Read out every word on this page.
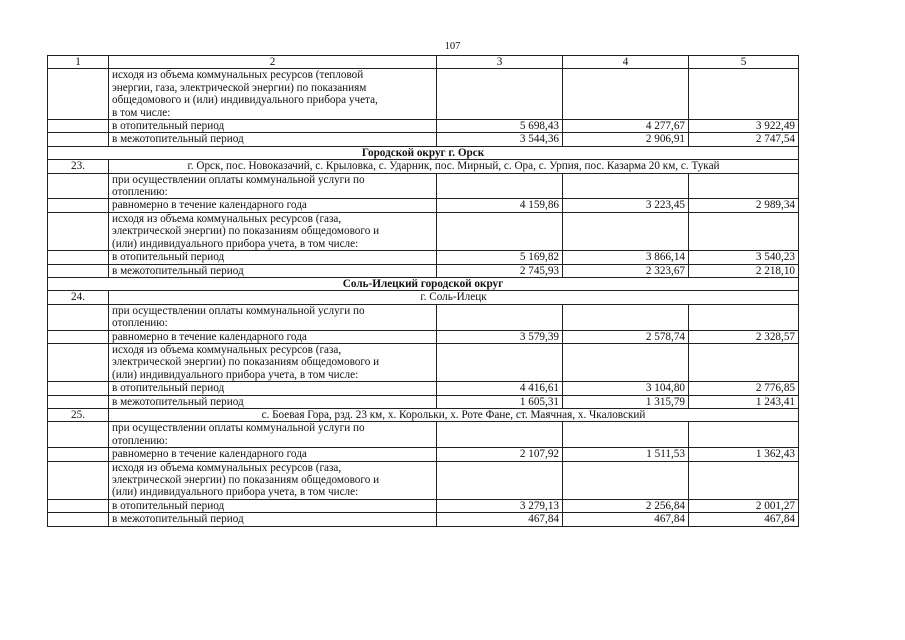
107
1	2	3	4	5

	исходя из объема коммунальных ресурсов (тепловой
энергии, газа, электрической энергии) по показаниям
общедомового и (или) индивидуального прибора учета,
в том числе:			

	в отопительный период	5 698,43	4 277,67	3 922,49
	в межотопительный период	3 544,36	2 906,91	2 747,54
Городской округ г. Орск				
23.	г. Орск, пос. Новоказачий, с. Крыловка, с. Ударник, пос. Мирный, с. Ора, с. Урпия, пос. Казарма 20 км, с. Тукай			

	при осуществлении оплаты коммунальной услуги по
отоплению:			

	равномерно в течение календарного года	4 159,86	3 223,45	2 989,34

	исходя из объема коммунальных ресурсов (газа,
электрической энергии) по показаниям общедомового и
(или) индивидуального прибора учета, в том числе:			

	в отопительный период	5 169,82	3 866,14	3 540,23
	в межотопительный период	2 745,93	2 323,67	2 218,10
Соль-Илецкий городской округ				
24.	г. Соль-Илецк			

	при осуществлении оплаты коммунальной услуги по
отоплению:			

	равномерно в течение календарного года	3 579,39	2 578,74	2 328,57

	исходя из объема коммунальных ресурсов (газа,
электрической энергии) по показаниям общедомового и
(или) индивидуального прибора учета, в том числе:			

	в отопительный период	4 416,61	3 104,80	2 776,85
	в межотопительный период	1 605,31	1 315,79	1 243,41
25.	с. Боевая Гора, рзд. 23 км, х. Корольки, х. Роте Фане, ст. Маячная, х. Чкаловский			

	при осуществлении оплаты коммунальной услуги по
отоплению:			

	равномерно в течение календарного года	2 107,92	1 511,53	1 362,43

	исходя из объема коммунальных ресурсов (газа,
электрической энергии) по показаниям общедомового и
(или) индивидуального прибора учета, в том числе:			

	в отопительный период	3 279,13	2 256,84	2 001,27
	в межотопительный период	467,84	467,84	467,84
